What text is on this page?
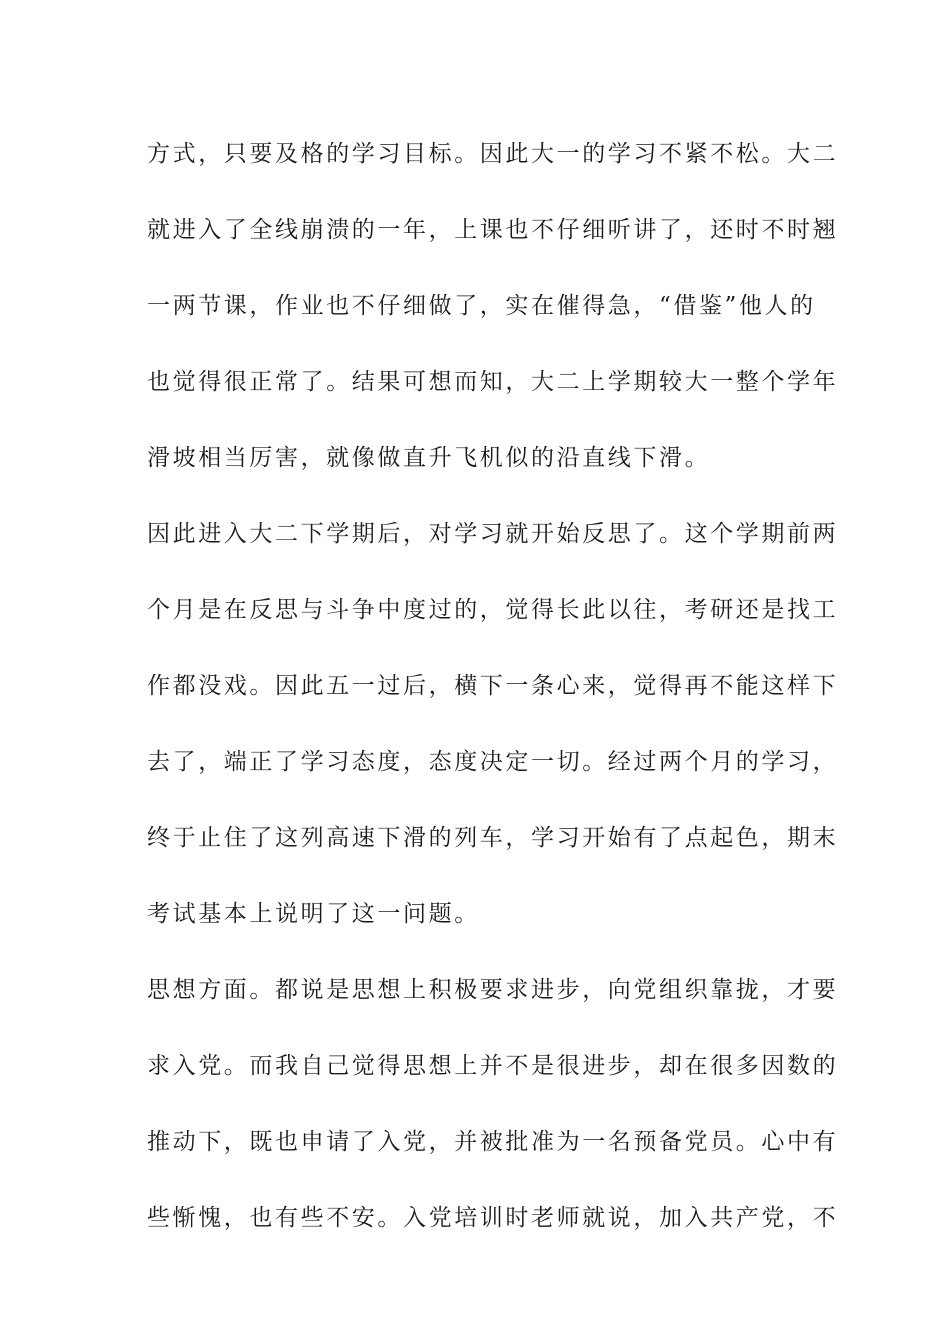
方式，只要及格的学习目标。因此大一的学习不紧不松。大二
就进入了全线崩溃的一年，上课也不仔细听讲了，还时不时翘
一两节课，作业也不仔细做了，实在催得急，“借鉴”他人的
也觉得很正常了。结果可想而知，大二上学期较大一整个学年
滑坡相当厉害，就像做直升飞机似的沿直线下滑。
因此进入大二下学期后，对学习就开始反思了。这个学期前两
个月是在反思与斗争中度过的，觉得长此以往，考研还是找工
作都没戏。因此五一过后，横下一条心来，觉得再不能这样下
去了，端正了学习态度，态度决定一切。经过两个月的学习，
终于止住了这列高速下滑的列车，学习开始有了点起色，期末
考试基本上说明了这一问题。
思想方面。都说是思想上积极要求进步，向党组织靠拢，才要
求入党。而我自己觉得思想上并不是很进步，却在很多因数的
推动下，既也申请了入党，并被批准为一名预备党员。心中有
些惭愧，也有些不安。入党培训时老师就说，加入共产党，不
